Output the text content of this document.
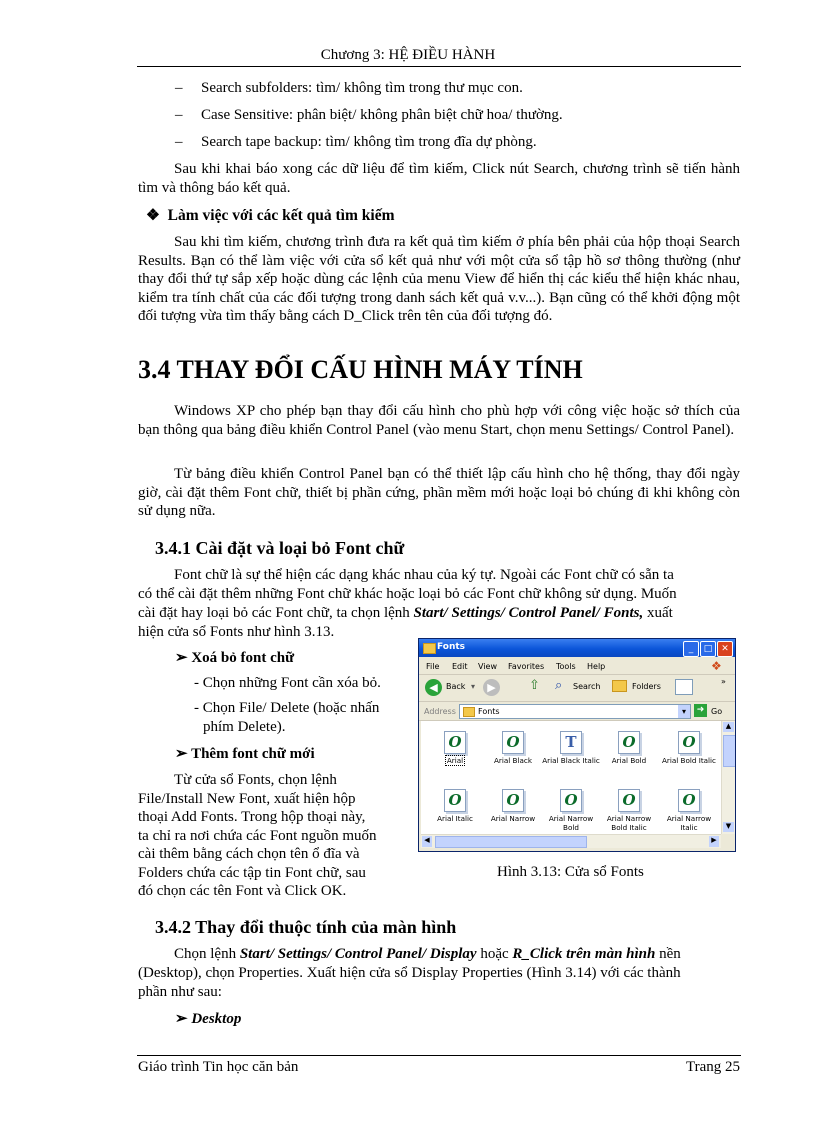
Chương 3: HỆ ĐIỀU HÀNH
– Search subfolders: tìm/ không tìm trong thư mục con.
– Case Sensitive: phân biệt/ không phân biệt chữ hoa/ thường.
– Search tape backup: tìm/ không tìm trong đĩa dự phòng.
Sau khi khai báo xong các dữ liệu để tìm kiếm, Click nút Search, chương trình sẽ tiến hành tìm và thông báo kết quả.
❖ Làm việc với các kết quả tìm kiếm
Sau khi tìm kiếm, chương trình đưa ra kết quả tìm kiếm ở phía bên phải của hộp thoại Search Results. Bạn có thể làm việc với cửa sổ kết quả như với một cửa sổ tập hồ sơ thông thường (như thay đổi thứ tự sắp xếp hoặc dùng các lệnh của menu View để hiển thị các kiểu thể hiện khác nhau, kiểm tra tính chất của các đối tượng trong danh sách kết quả v.v...). Bạn cũng có thể khởi động một đối tượng vừa tìm thấy bằng cách D_Click trên tên của đối tượng đó.
3.4 THAY ĐỔI CẤU HÌNH MÁY TÍNH
Windows XP cho phép bạn thay đổi cấu hình cho phù hợp với công việc hoặc sở thích của bạn thông qua bảng điều khiển Control Panel (vào menu Start, chọn menu Settings/ Control Panel).
Từ bảng điều khiển Control Panel bạn có thể thiết lập cấu hình cho hệ thống, thay đổi ngày giờ, cài đặt thêm Font chữ, thiết bị phần cứng, phần mềm mới hoặc loại bỏ chúng đi khi không còn sử dụng nữa.
3.4.1 Cài đặt và loại bỏ Font chữ
Font chữ là sự thể hiện các dạng khác nhau của ký tự. Ngoài các Font chữ có sẵn ta
có thể cài đặt thêm những Font chữ khác hoặc loại bỏ các Font chữ không sử dụng. Muốn
cài đặt hay loại bỏ các Font chữ, ta chọn lệnh Start/ Settings/ Control Panel/ Fonts, xuất
hiện cửa sổ Fonts như hình 3.13.
➢ Xoá bỏ font chữ
- Chọn những Font cần xóa bỏ.
- Chọn File/ Delete (hoặc nhấn
phím Delete).
➢ Thêm font chữ mới
Từ cửa sổ Fonts, chọn lệnh
File/Install New Font, xuất hiện hộp
thoại Add Fonts. Trong hộp thoại này,
ta chỉ ra nơi chứa các Font nguồn muốn
cài thêm bằng cách chọn tên ổ đĩa và
Folders chứa các tập tin Font chữ, sau
đó chọn các tên Font và Click OK.
Fonts	_	□ ✕
File Edit View Favorites Tools Help	❖
◀	Back ▾	▶	⇧ ⌕ Search	Folders
»
Address	Fonts	▾	➜ Go
O
Arial
O
Arial Black
T
Arial Black Italic
O
Arial Bold
O
Arial Bold Italic
O
Arial Italic
O
Arial Narrow
O
Arial Narrow Bold
O
Arial Narrow Bold Italic
O
Arial Narrow Italic
▲
▼
◀	▶
Hình 3.13: Cửa sổ Fonts
3.4.2 Thay đổi thuộc tính của màn hình
Chọn lệnh Start/ Settings/ Control Panel/ Display hoặc R_Click trên màn hình nền
(Desktop), chọn Properties. Xuất hiện cửa sổ Display Properties (Hình 3.14) với các thành
phần như sau:
➢ Desktop
Giáo trình Tin học căn bản	Trang 25
